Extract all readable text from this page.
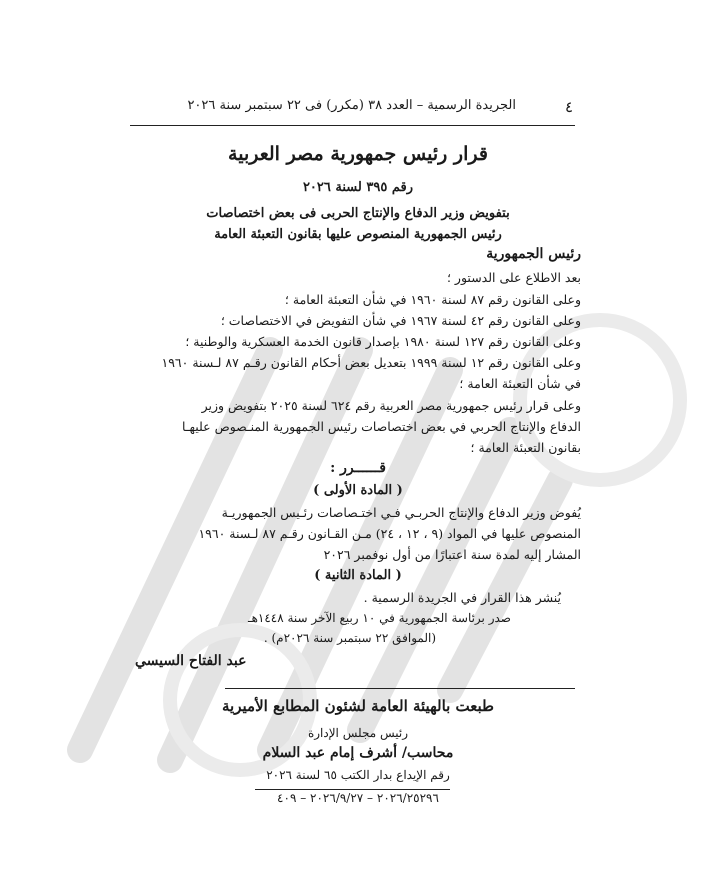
٤
الجريدة الرسمية – العدد ٣٨ (مكرر) فى ٢٢ سبتمبر سنة ٢٠٢٦
قرار رئيس جمهورية مصر العربية
رقم ٣٩٥ لسنة ٢٠٢٦
بتفويض وزير الدفاع والإنتاج الحربى فى بعض اختصاصات
رئيس الجمهورية المنصوص عليها بقانون التعبئة العامة
رئيس الجمهورية
بعد الاطلاع على الدستور ؛
وعلى القانون رقم ٨٧ لسنة ١٩٦٠ في شأن التعبئة العامة ؛
وعلى القانون رقم ٤٢ لسنة ١٩٦٧ في شأن التفويض في الاختصاصات ؛
وعلى القانون رقم ١٢٧ لسنة ١٩٨٠ بإصدار قانون الخدمة العسكرية والوطنية ؛
وعلى القانون رقم ١٢ لسنة ١٩٩٩ بتعديل بعض أحكام القانون رقـم ٨٧ لـسنة ١٩٦٠
في شأن التعبئة العامة ؛
وعلى قرار رئيس جمهورية مصر العربية رقم ٦٢٤ لسنة ٢٠٢٥ بتفويض وزير
الدفاع والإنتاج الحربي في بعض اختصاصات رئيس الجمهورية المنـصوص عليهـا
بقانون التعبئة العامة ؛
قــــــرر :
( المادة الأولى )
يُفوض وزير الدفاع والإنتاج الحربـي فـي اختـصاصات رئـيس الجمهوريـة
المنصوص عليها في المواد (٩ ، ١٢ ، ٢٤) مـن القـانون رقـم ٨٧ لـسنة ١٩٦٠
المشار إليه لمدة سنة اعتبارًا من أول نوفمبر ٢٠٢٦
( المادة الثانية )
يُنشر هذا القرار في الجريدة الرسمية .
صدر برئاسة الجمهورية في ١٠ ربيع الآخر سنة ١٤٤٨هـ
(الموافق ٢٢ سبتمبر سنة ٢٠٢٦م) .
عبد الفتاح السيسي
طبعت بالهيئة العامة لشئون المطابع الأميرية
رئيس مجلس الإدارة
محاسب/ أشرف إمام عبد السلام
رقم الإيداع بدار الكتب ٦٥ لسنة ٢٠٢٦
٢٠٢٦/٢٥٢٩٦ – ٢٠٢٦/٩/٢٧ – ٤٠٩
